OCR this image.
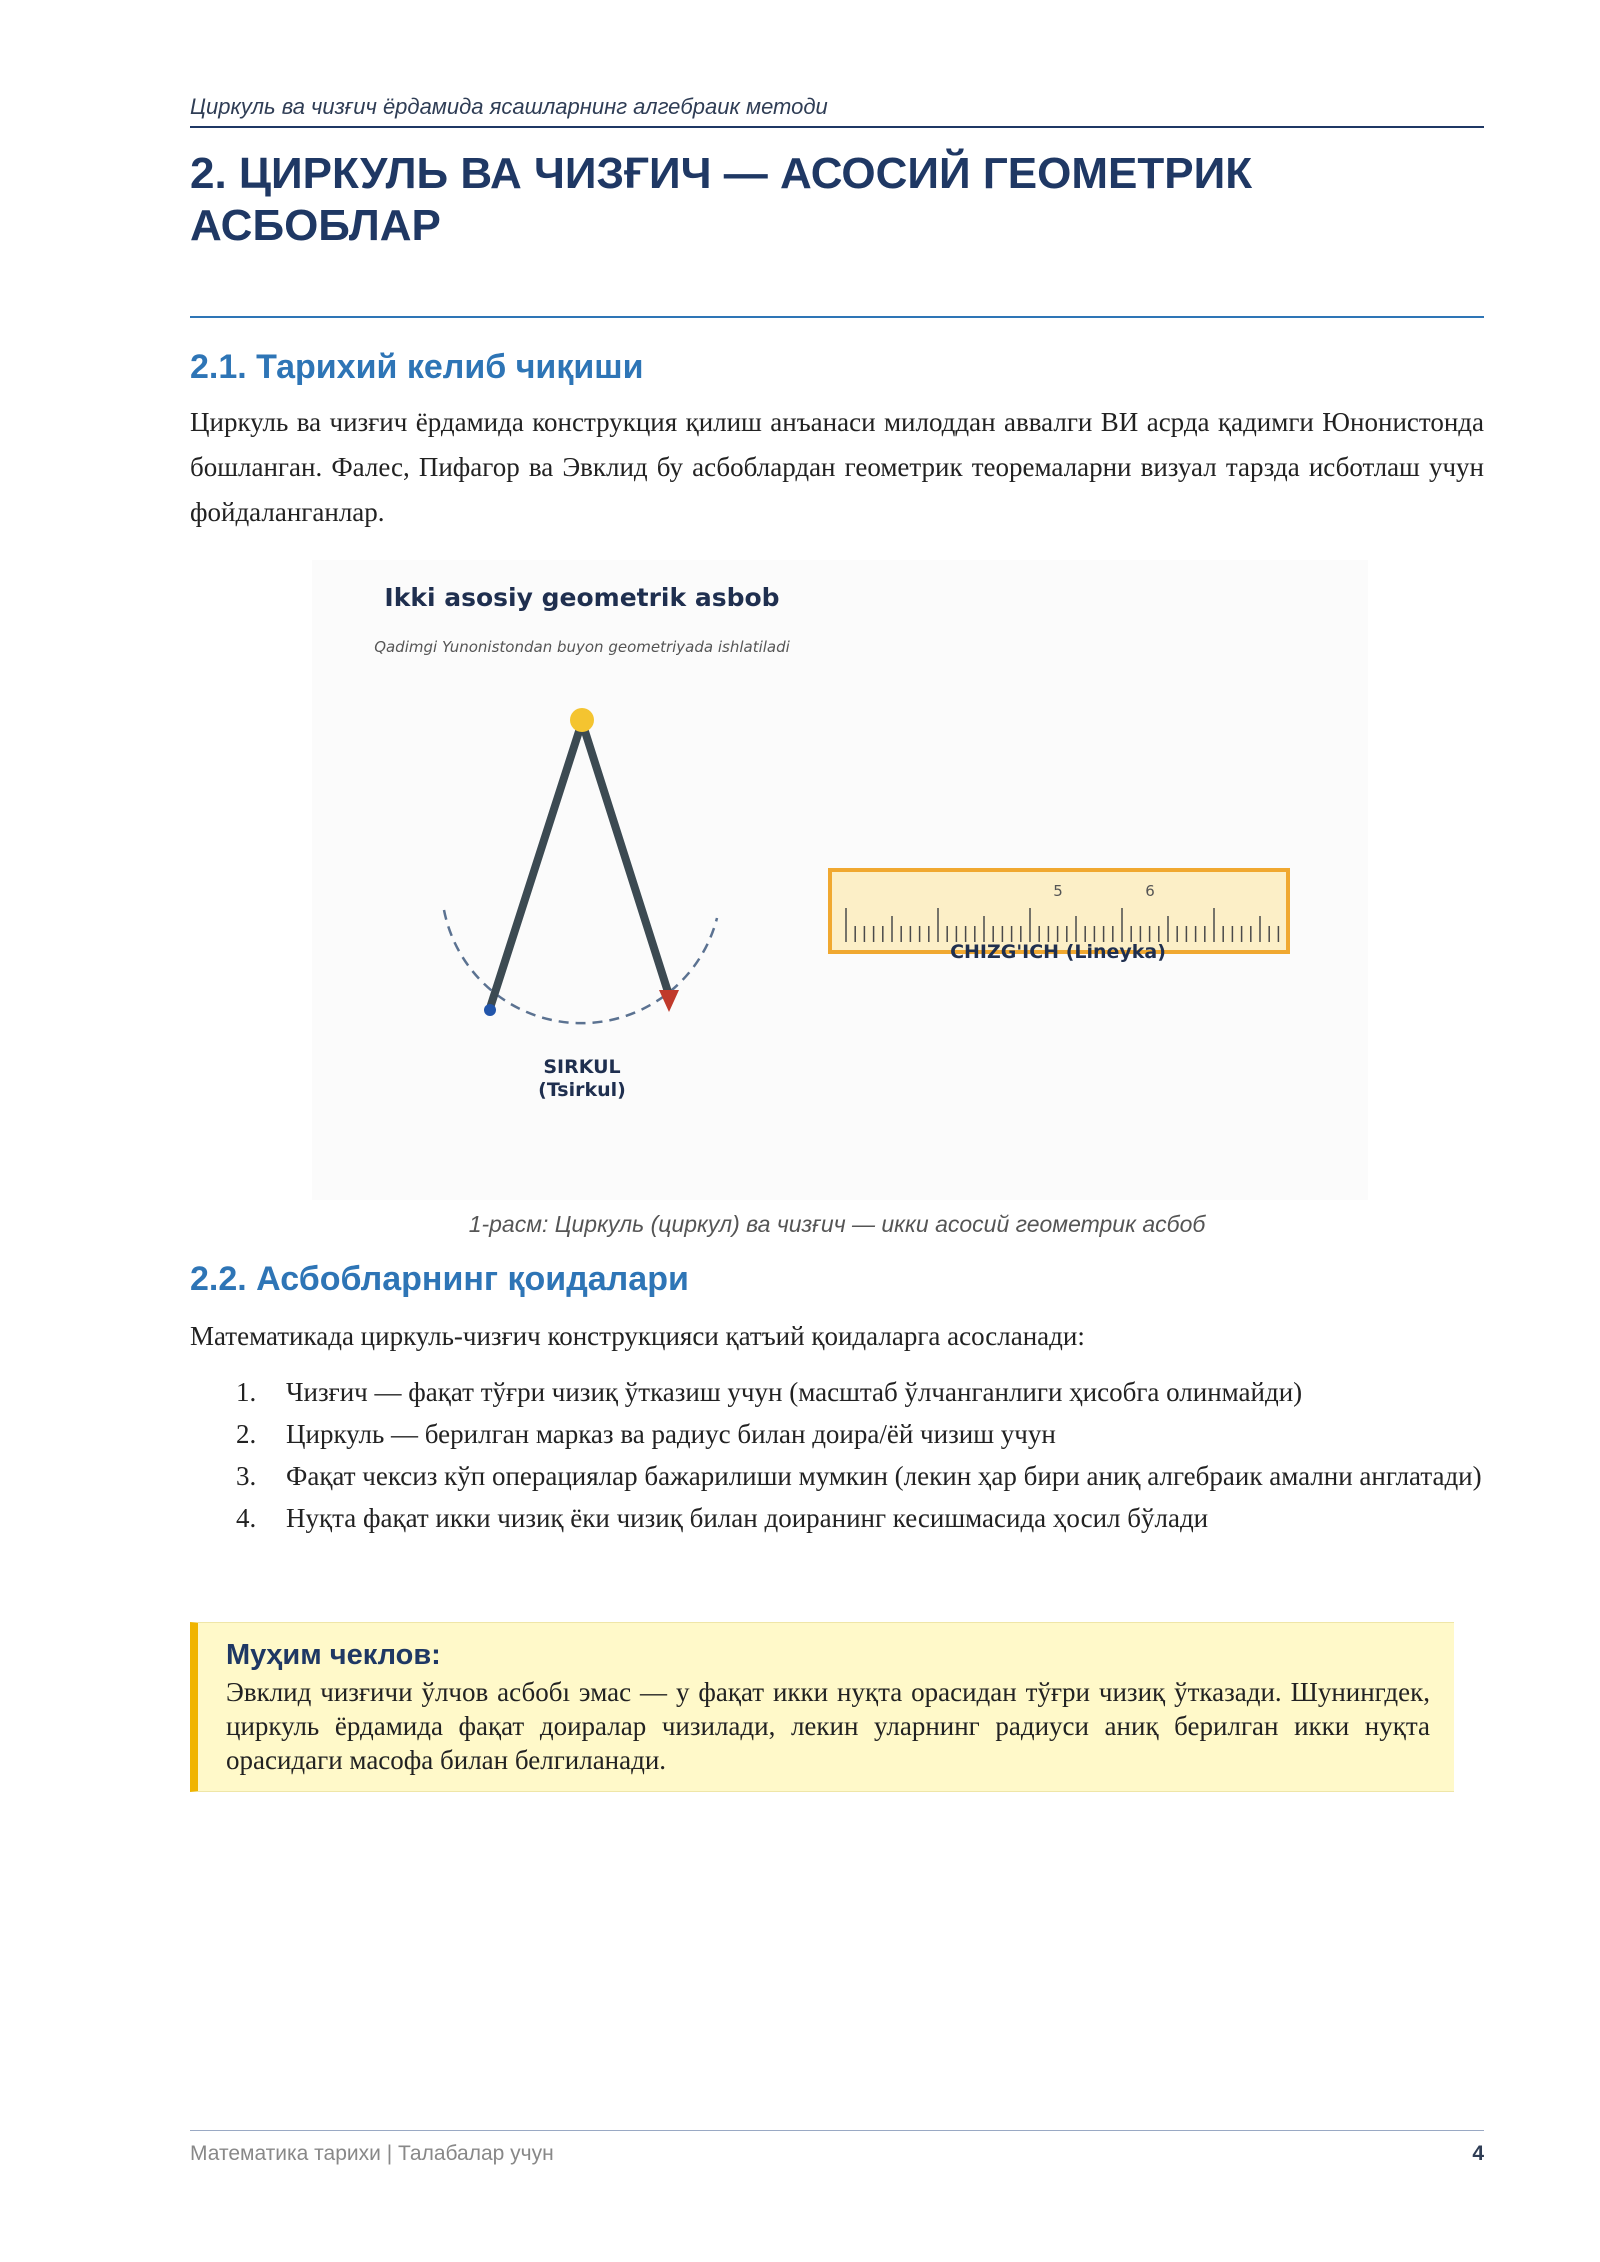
Циркуль ва чизғич ёрдамида ясашларнинг алгебраик методи
2. ЦИРКУЛЬ ВА ЧИЗҒИЧ — АСОСИЙ ГЕОМЕТРИК АСБОБЛАР
2.1. Тарихий келиб чиқиши

Циркуль ва чизғич ёрдамида конструкция қилиш анъанаси милоддан аввалги ВИ асрда қадимги Юнонистонда бошланган. Фалес, Пифагор ва Эвклид бу асбоблардан геометрик теоремаларни визуал тарзда исботлаш учун фойдаланганлар.

Ikki asosiy geometrik asbob
Qadimgi Yunonistondan buyon geometriyada ishlatiladi
SIRKUL
(Tsirkul)
5	6
CHIZG'ICH (Lineyka)
1-расм: Циркуль (циркул) ва чизғич — икки асосий геометрик асбоб
2.2. Асбобларнинг қоидалари

Математикада циркуль-чизғич конструкцияси қатъий қоидаларга асосланади:

1. Чизғич — фақат тўғри чизиқ ўтказиш учун (масштаб ўлчанганлиги ҳисобга олинмайди)
2. Циркуль — берилган марказ ва радиус билан доира/ёй чизиш учун
3. Фақат чексиз кўп операциялар бажарилиши мумкин (лекин ҳар бири аниқ алгебраик амални англатади)
4. Нуқта фақат икки чизиқ ёки чизиқ билан доиранинг кесишмасида ҳосил бўлади
Муҳим чеклов:
Эвклид чизғичи ўлчов асбобı эмас — у фақат икки нуқта орасидан тўғри чизиқ ўтказади. Шунингдек, циркуль ёрдамида фақат доиралар чизилади, лекин уларнинг радиуси аниқ берилган икки нуқта орасидаги масофа билан белгиланади.
Математика тарихи | Талабалар учун	4
